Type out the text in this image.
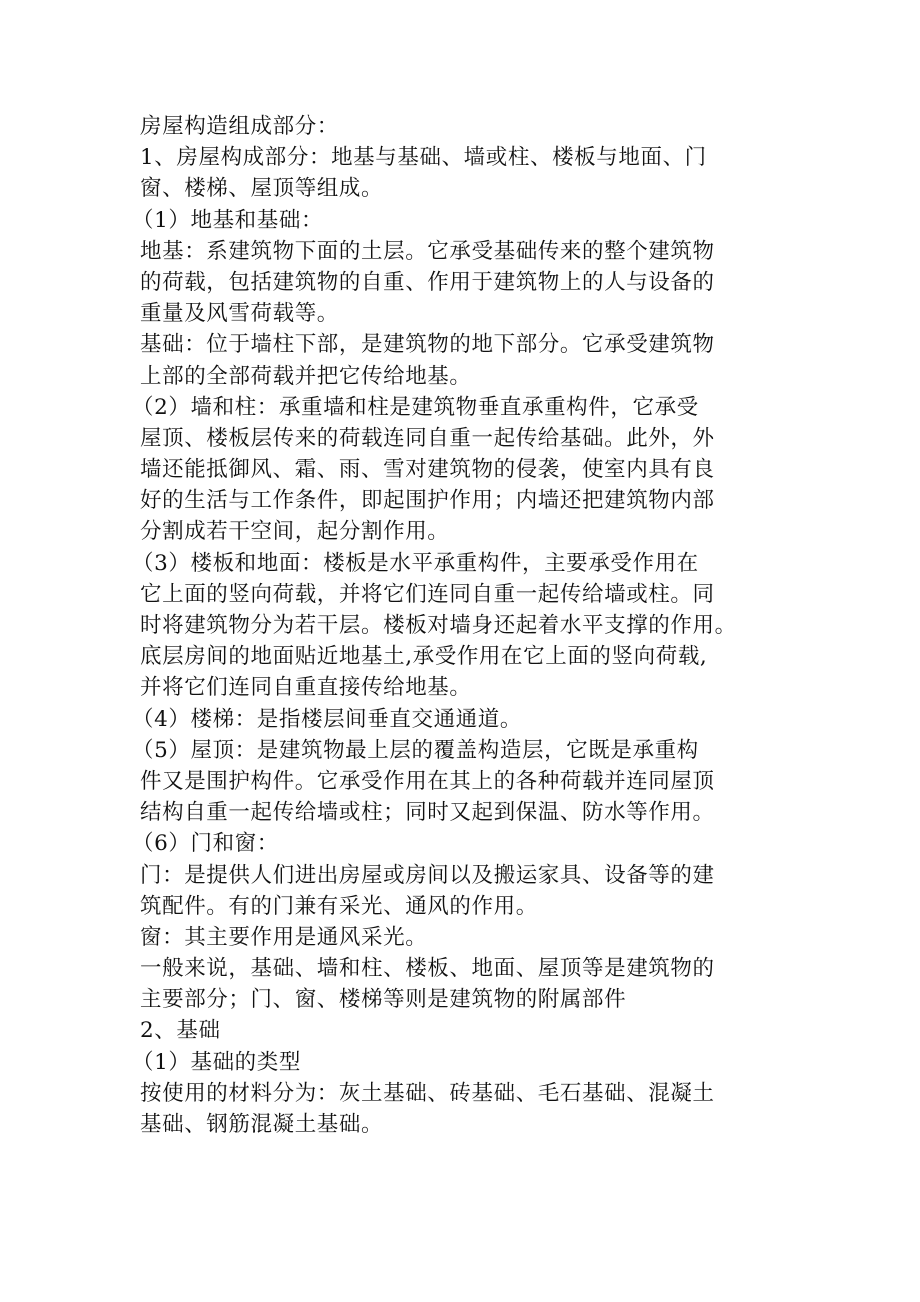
房屋构造组成部分：
1、房屋构成部分：地基与基础、墙或柱、楼板与地面、门
窗、楼梯、屋顶等组成。
（1）地基和基础：
地基：系建筑物下面的土层。它承受基础传来的整个建筑物
的荷载，包括建筑物的自重、作用于建筑物上的人与设备的
重量及风雪荷载等。
基础：位于墙柱下部，是建筑物的地下部分。它承受建筑物
上部的全部荷载并把它传给地基。
（2）墙和柱：承重墙和柱是建筑物垂直承重构件，它承受
屋顶、楼板层传来的荷载连同自重一起传给基础。此外，外
墙还能抵御风、霜、雨、雪对建筑物的侵袭，使室内具有良
好的生活与工作条件，即起围护作用；内墙还把建筑物内部
分割成若干空间，起分割作用。
（3）楼板和地面：楼板是水平承重构件，主要承受作用在
它上面的竖向荷载，并将它们连同自重一起传给墙或柱。同
时将建筑物分为若干层。楼板对墙身还起着水平支撑的作用。
底层房间的地面贴近地基土,承受作用在它上面的竖向荷载,
并将它们连同自重直接传给地基。
（4）楼梯：是指楼层间垂直交通通道。
（5）屋顶：是建筑物最上层的覆盖构造层，它既是承重构
件又是围护构件。它承受作用在其上的各种荷载并连同屋顶
结构自重一起传给墙或柱；同时又起到保温、防水等作用。
（6）门和窗：
门：是提供人们进出房屋或房间以及搬运家具、设备等的建
筑配件。有的门兼有采光、通风的作用。
窗：其主要作用是通风采光。
一般来说，基础、墙和柱、楼板、地面、屋顶等是建筑物的
主要部分；门、窗、楼梯等则是建筑物的附属部件
2、基础
（1）基础的类型
按使用的材料分为：灰土基础、砖基础、毛石基础、混凝土
基础、钢筋混凝土基础。
